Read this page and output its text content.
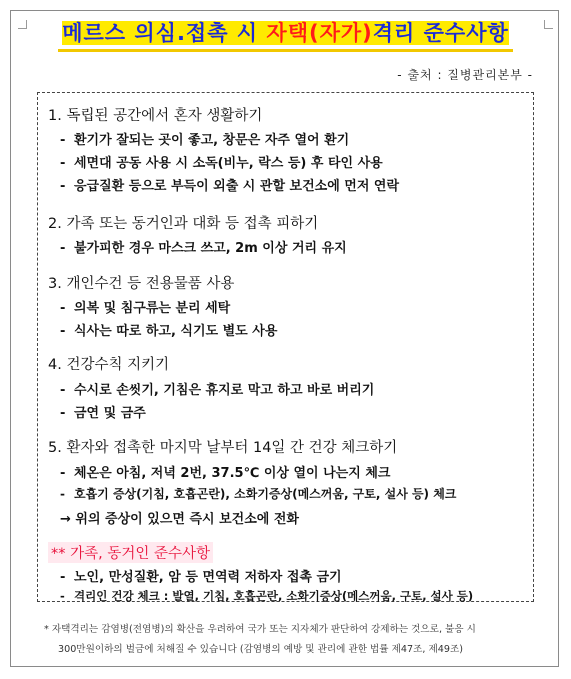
메르스 의심.접촉 시 자택(자가)격리 준수사항
- 출처 : 질병관리본부 -
1. 독립된 공간에서 혼자 생활하기
- 환기가 잘되는 곳이 좋고, 창문은 자주 열어 환기
- 세면대 공동 사용 시 소독(비누, 락스 등) 후 타인 사용
- 응급질환 등으로 부득이 외출 시 관할 보건소에 먼저 연락
2. 가족 또는 동거인과 대화 등 접촉 피하기
- 불가피한 경우 마스크 쓰고, 2m 이상 거리 유지
3. 개인수건 등 전용물품 사용
- 의복 및 침구류는 분리 세탁
- 식사는 따로 하고, 식기도 별도 사용
4. 건강수칙 지키기
- 수시로 손씻기, 기침은 휴지로 막고 하고 바로 버리기
- 금연 및 금주
5. 환자와 접촉한 마지막 날부터 14일 간 건강 체크하기
- 체온은 아침, 저녁 2번, 37.5℃ 이상 열이 나는지 체크
- 호흡기 증상(기침, 호흡곤란), 소화기증상(메스꺼움, 구토, 설사 등) 체크
→ 위의 증상이 있으면 즉시 보건소에 전화
** 가족, 동거인 준수사항
- 노인, 만성질환, 암 등 면역력 저하자 접촉 금기
- 격리인 건강 체크 : 발열, 기침, 호흡곤란, 소화기증상(메스꺼움, 구토, 설사 등)
* 자택격리는 감염병(전염병)의 확산을 우려하여 국가 또는 지자체가 판단하여 강제하는 것으로, 불응 시
300만원이하의 벌금에 처해질 수 있습니다 (감염병의 예방 및 관리에 관한 법률 제47조, 제49조)
